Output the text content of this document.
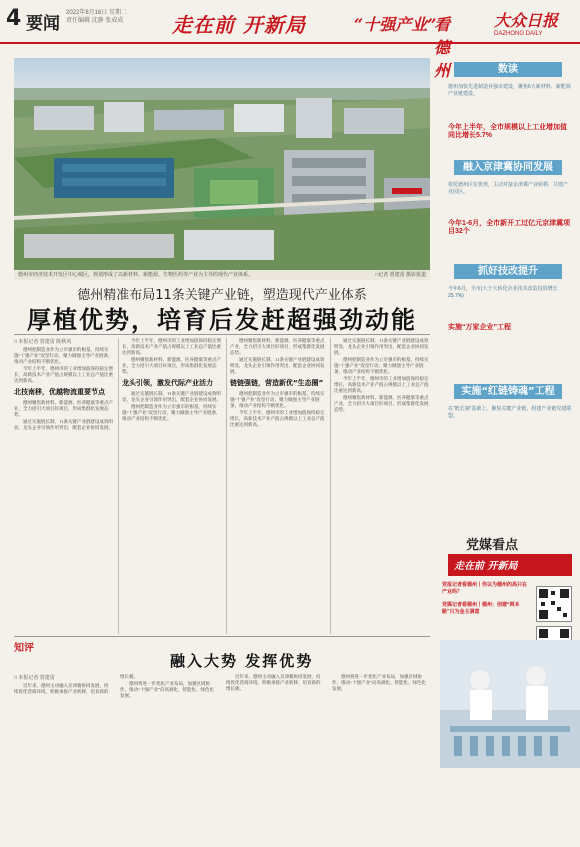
4 要闻
2022年8月16日 星期二
责任编辑 沈静 张成成 走在前 开新局	“十强产业”
看德州
大众日报
DAZHONG DAILY
德州市经济技术开发区中心城区，规划形成了以新材料、新能源、生物医药等产业为主导的现代产业体系。	□记者 贾建雷 摄影报道
德州精准布局11条关键产业链，塑造现代产业体系
厚植优势，培育后发赶超强劲动能
□ 本报记者 贾建雷 陈秋风

德州把制造业作为立市强市的根基，持续实施“十强产业”攻坚行动，聚力做强主导产业链条，推动产业结构不断优化。

今年上半年，德州市的工业增加值保持稳定增长，高新技术产业产值占规模以上工业总产值比重达到新高。

北技南移，优越物流重要节点

德州聚焦新材料、新能源、医养健康等重点产业，全力招引大项目好项目，形成集群化发展态势。

通过实施链长制，11条关键产业链建设成效明显，龙头企业引领作用突出，配套企业协同发展。

今年上半年，德州市的工业增加值保持稳定增长，高新技术产业产值占规模以上工业总产值比重达到新高。

德州聚焦新材料、新能源、医养健康等重点产业，全力招引大项目好项目，形成集群化发展态势。

龙头引领，激发代际产业活力

通过实施链长制，11条关键产业链建设成效明显，龙头企业引领作用突出，配套企业协同发展。

德州把制造业作为立市强市的根基，持续实施“十强产业”攻坚行动，聚力做强主导产业链条，推动产业结构不断优化。

德州聚焦新材料、新能源、医养健康等重点产业，全力招引大项目好项目，形成集群化发展态势。

通过实施链长制，11条关键产业链建设成效明显，龙头企业引领作用突出，配套企业协同发展。

链链强链，营造新优“生态圈”

德州把制造业作为立市强市的根基，持续实施“十强产业”攻坚行动，聚力做强主导产业链条，推动产业结构不断优化。

今年上半年，德州市的工业增加值保持稳定增长，高新技术产业产值占规模以上工业总产值比重达到新高。

通过实施链长制，11条关键产业链建设成效明显，龙头企业引领作用突出，配套企业协同发展。

德州把制造业作为立市强市的根基，持续实施“十强产业”攻坚行动，聚力做强主导产业链条，推动产业结构不断优化。

今年上半年，德州市的工业增加值保持稳定增长，高新技术产业产值占规模以上工业总产值比重达到新高。

德州聚焦新材料、新能源、医养健康等重点产业，全力招引大项目好项目，形成集群化发展态势。

知评
融入大势 发挥优势
□ 本报记者 贾建雷

近年来，德州主动融入京津冀协同发展，持续优化营商环境，积极承接产业转移，培育新的增长极。

德州将进一步优化产业布局，加强区域协作，推动“十强产业”向高端化、智能化、绿色化发展。

近年来，德州主动融入京津冀协同发展，持续优化营商环境，积极承接产业转移，培育新的增长极。

德州将进一步优化产业布局，加强区域协作，推动“十强产业”向高端化、智能化、绿色化发展。

数读
德州加快先进制造业强市建设，聚焦6大新材料、新能源产业链建设。
今年上半年，全市规模以上工业增加值同比增长5.7%
融入京津冀协同发展
依托德州区位优势，主动对接京津冀产业转移，共建产业园区。
今年1-6月，全市新开工过亿元京津冀项目32个
抓好技改提升
今年6月，全市(大于大转化企业技术改造投资增长25.7%)
实施“万家企业”工程
实施“红链铸魂”工程
在“链长制”基础上，聚焦关键产业链，组建产业链党建联盟。
党媒看点
走在前 开新局
党报记者看德州丨你以为德州的高只在产业吗？
党媒记者看德州丨德州：创建“网本路”只为金主满意
